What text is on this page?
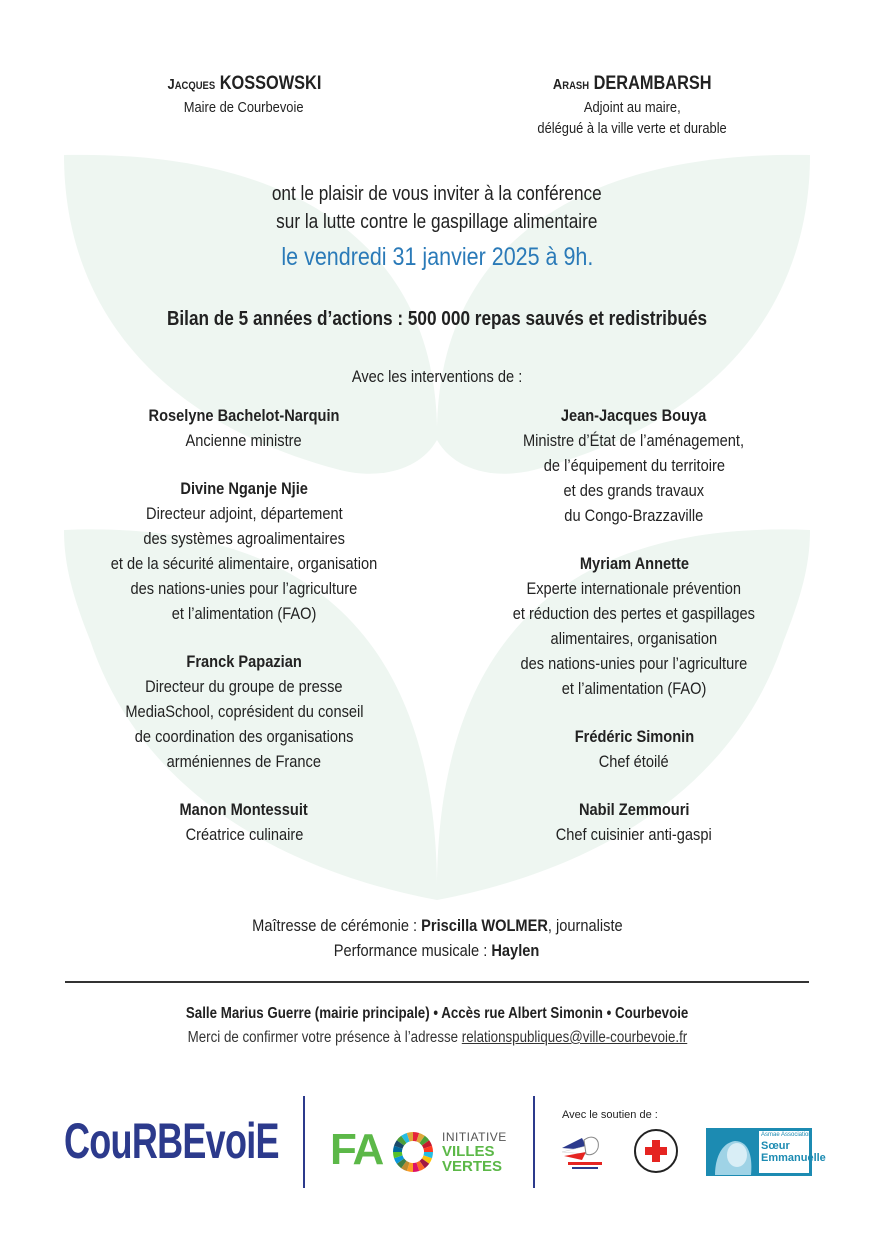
Jacques KOSSOWSKI
Maire de Courbevoie
Arash DERAMBARSH
Adjoint au maire,
délégué à la ville verte et durable
ont le plaisir de vous inviter à la conférence
sur la lutte contre le gaspillage alimentaire
le vendredi 31 janvier 2025 à 9h.
Bilan de 5 années d’actions : 500 000 repas sauvés et redistribués
Avec les interventions de :
Roselyne Bachelot-Narquin
Ancienne ministre
Divine Nganje Njie
Directeur adjoint, département
des systèmes agroalimentaires
et de la sécurité alimentaire, organisation
des nations-unies pour l’agriculture
et l’alimentation (FAO)
Franck Papazian
Directeur du groupe de presse
MediaSchool, coprésident du conseil
de coordination des organisations
arméniennes de France
Manon Montessuit
Créatrice culinaire
Jean-Jacques Bouya
Ministre d’État de l’aménagement,
de l’équipement du territoire
et des grands travaux
du Congo-Brazzaville
Myriam Annette
Experte internationale prévention
et réduction des pertes et gaspillages
alimentaires, organisation
des nations-unies pour l’agriculture
et l’alimentation (FAO)
Frédéric Simonin
Chef étoilé
Nabil Zemmouri
Chef cuisinier anti-gaspi
Maîtresse de cérémonie : Priscilla WOLMER, journaliste
Performance musicale : Haylen
Salle Marius Guerre (mairie principale) • Accès rue Albert Simonin • Courbevoie
Merci de confirmer votre présence à l’adresse relationspubliques@ville-courbevoie.fr
CouRBEvoiE FA	INITIATIVE
VILLES
VERTES
Avec le soutien de :
Asmae Association
Sœur
Emmanuelle
